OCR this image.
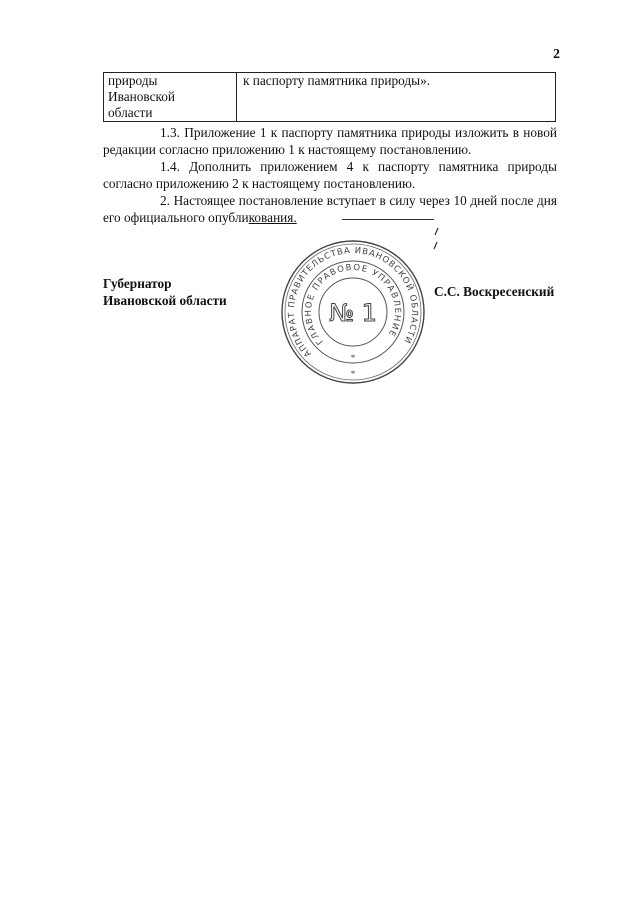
2
природы
Ивановской
области
к паспорту памятника природы».

1.3. Приложение 1 к паспорту памятника природы изложить в новой редакции согласно приложению 1 к настоящему постановлению.

1.4. Дополнить приложением 4 к паспорту памятника природы согласно приложению 2 к настоящему постановлению.

2. Настоящее постановление вступает в силу через 10 дней после дня его официального опубликования.

Губернатор
Ивановской области
С.С. Воскресенский
АППАРАТ ПРАВИТЕЛЬСТВА ИВАНОВСКОЙ ОБЛАСТИ
ГЛАВНОЕ ПРАВОВОЕ УПРАВЛЕНИЕ
№ 1
*
*
